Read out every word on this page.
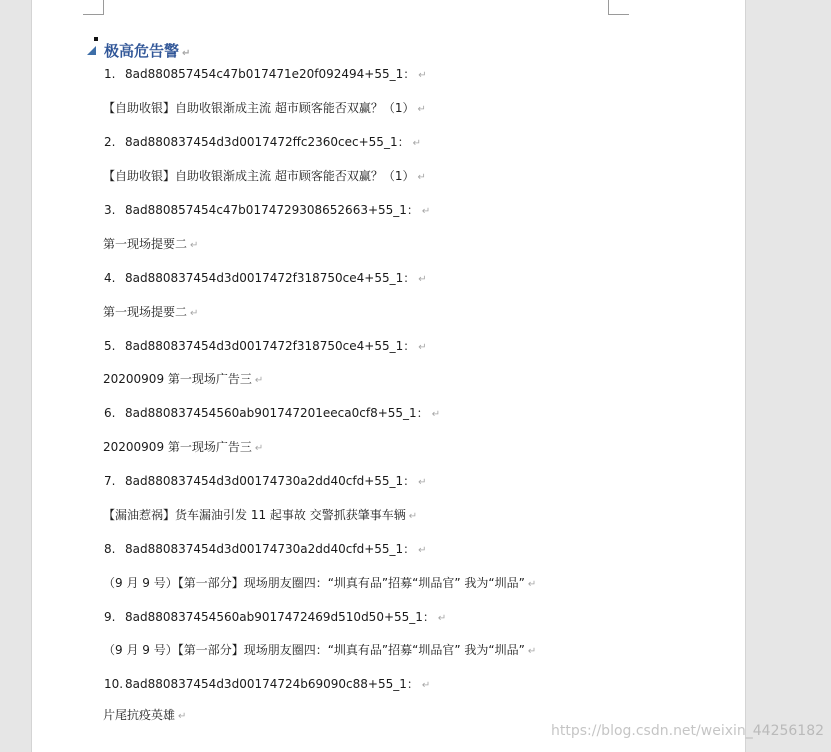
极高危告警 ↵
1. 8ad880857454c47b017471e20f092494+55_1： ↵
【自助收银】自助收银渐成主流 超市顾客能否双赢？（1） ↵
2. 8ad880837454d3d0017472ffc2360cec+55_1： ↵
【自助收银】自助收银渐成主流 超市顾客能否双赢？（1） ↵
3. 8ad880857454c47b0174729308652663+55_1： ↵
第一现场提要二 ↵
4. 8ad880837454d3d0017472f318750ce4+55_1： ↵
第一现场提要二 ↵
5. 8ad880837454d3d0017472f318750ce4+55_1： ↵
20200909 第一现场广告三 ↵
6. 8ad880837454560ab901747201eeca0cf8+55_1： ↵
20200909 第一现场广告三 ↵
7. 8ad880837454d3d00174730a2dd40cfd+55_1： ↵
【漏油惹祸】货车漏油引发 11 起事故 交警抓获肇事车辆 ↵
8. 8ad880837454d3d00174730a2dd40cfd+55_1： ↵
（9 月 9 号）【第一部分】现场朋友圈四：“圳真有品”招募“圳品官” 我为“圳品” ↵
9. 8ad880837454560ab9017472469d510d50+55_1： ↵
（9 月 9 号）【第一部分】现场朋友圈四：“圳真有品”招募“圳品官” 我为“圳品” ↵
10. 8ad880837454d3d00174724b69090c88+55_1： ↵
片尾抗疫英雄 ↵
https://blog.csdn.net/weixin_44256182
